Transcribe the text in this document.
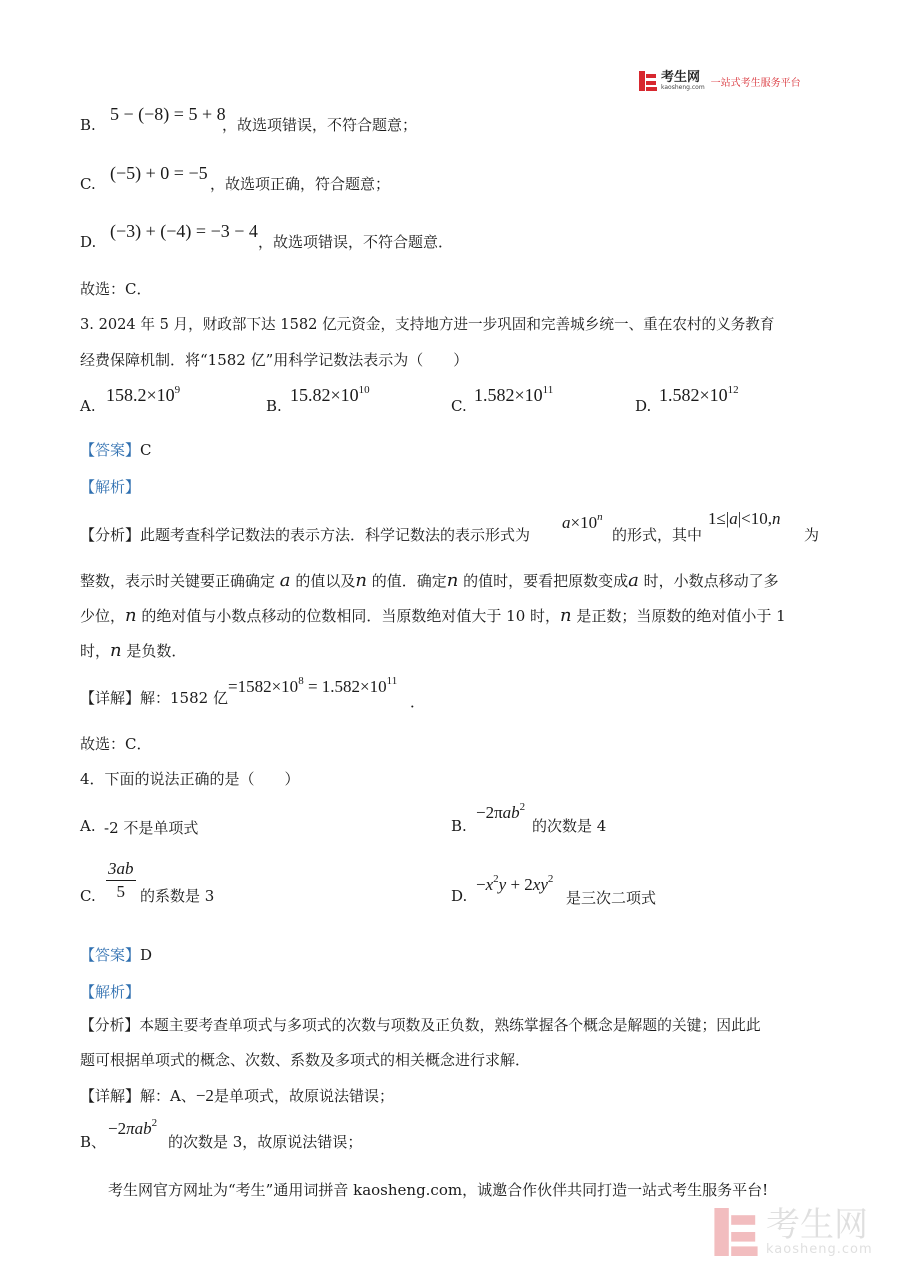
考生网
kaosheng.com 一站式考生服务平台
B.
5 − (−8) = 5 + 8
，故选项错误，不符合题意；
C.
(−5) + 0 = −5
，故选项正确，符合题意；
D.
(−3) + (−4) = −3 − 4
，故选项错误，不符合题意．
故选：C．
3. 2024 年 5 月，财政部下达 1582 亿元资金，支持地方进一步巩固和完善城乡统一、重在农村的义务教育
经费保障机制．将“1582 亿”用科学记数法表示为（　　）
A.
$158.2\times 10^9$
B.
$15.82\times 10^{10}$
C.
$1.582\times 10^{11}$
D.
$1.582\times 10^{12}$
【答案】C
【解析】
【分析】此题考查科学记数法的表示方法．科学记数法的表示形式为
$a\times 10^n$
的形式，其中
1≤|a|<10,n
为
整数，表示时关键要正确确定 a 的值以及n 的值．确定n 的值时，要看把原数变成a 时，小数点移动了多
少位，n 的绝对值与小数点移动的位数相同．当原数绝对值大于 10 时，n 是正数；当原数的绝对值小于 1
时，n 是负数．
【详解】解：1582 亿
$=1582\times 10^8 = 1.582\times 10^{11}$
．
故选：C．
4．下面的说法正确的是（　　）
A. -2 不是单项式	B.
−2πab$^2$
的次数是 4
C. $\frac{3ab}{5}$ 的系数是 3	D.
$-x^2y + 2xy^2$
是三次二项式
【答案】D
【解析】
【分析】本题主要考查单项式与多项式的次数与项数及正负数，熟练掌握各个概念是解题的关键；因此此
题可根据单项式的概念、次数、系数及多项式的相关概念进行求解．
【详解】解：A、−2是单项式，故原说法错误；
B、
−2πab$^2$
的次数是 3，故原说法错误；
考生网官方网址为“考生”通用词拼音 kaosheng.com，诚邀合作伙伴共同打造一站式考生服务平台!
考生网
kaosheng.com
